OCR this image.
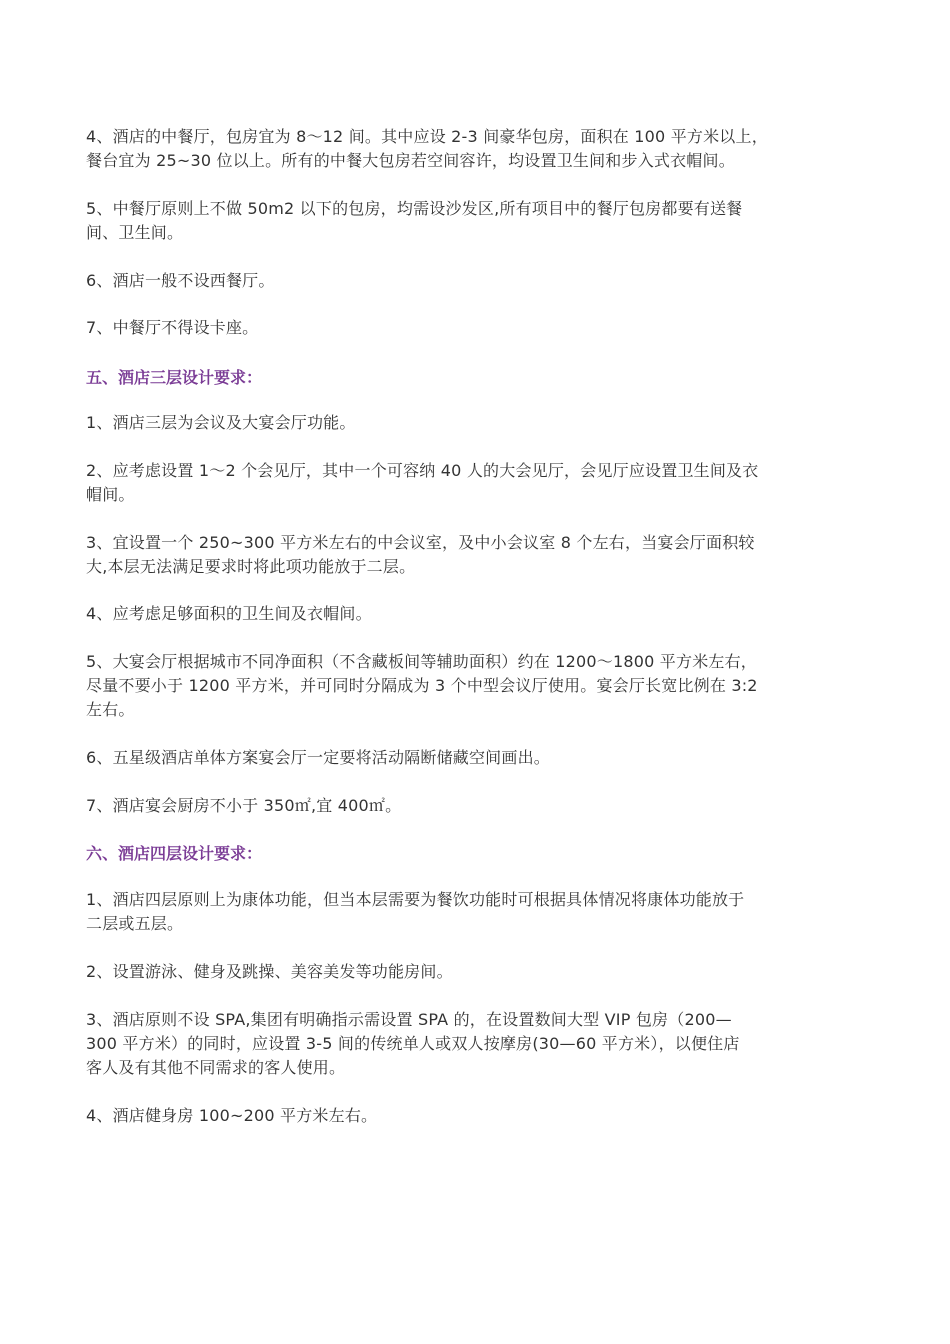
4、酒店的中餐厅，包房宜为 8～12 间。其中应设 2-3 间豪华包房，面积在 100 平方米以上，
餐台宜为 25~30 位以上。所有的中餐大包房若空间容许，均设置卫生间和步入式衣帽间。

5、中餐厅原则上不做 50m2 以下的包房，均需设沙发区,所有项目中的餐厅包房都要有送餐
间、卫生间。

6、酒店一般不设西餐厅。

7、中餐厅不得设卡座。

五、酒店三层设计要求：

1、酒店三层为会议及大宴会厅功能。

2、应考虑设置 1～2 个会见厅，其中一个可容纳 40 人的大会见厅，会见厅应设置卫生间及衣
帽间。

3、宜设置一个 250~300 平方米左右的中会议室，及中小会议室 8 个左右，当宴会厅面积较
大,本层无法满足要求时将此项功能放于二层。

4、应考虑足够面积的卫生间及衣帽间。

5、大宴会厅根据城市不同净面积（不含藏板间等辅助面积）约在 1200～1800 平方米左右，
尽量不要小于 1200 平方米，并可同时分隔成为 3 个中型会议厅使用。宴会厅长宽比例在 3:2
左右。

6、五星级酒店单体方案宴会厅一定要将活动隔断储藏空间画出。

7、酒店宴会厨房不小于 350㎡,宜 400㎡。

六、酒店四层设计要求：

1、酒店四层原则上为康体功能，但当本层需要为餐饮功能时可根据具体情况将康体功能放于
二层或五层。

2、设置游泳、健身及跳操、美容美发等功能房间。

3、酒店原则不设 SPA,集团有明确指示需设置 SPA 的，在设置数间大型 VIP 包房（200—
300 平方米）的同时，应设置 3-5 间的传统单人或双人按摩房(30—60 平方米），以便住店
客人及有其他不同需求的客人使用。

4、酒店健身房 100~200 平方米左右。
